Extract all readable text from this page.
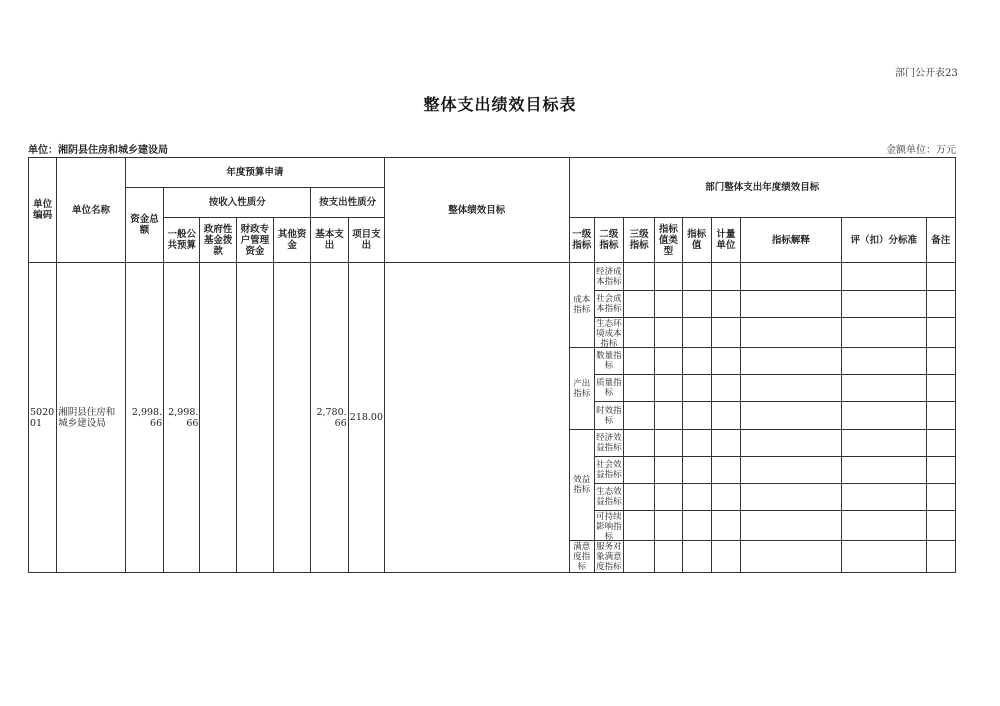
部门公开表23
整体支出绩效目标表
单位：湘阴县住房和城乡建设局	金额单位：万元
单位编码	单位名称	年度预算申请							整体绩效目标	部门整体支出年度绩效目标								
		资金总额	按收入性质分				按支出性质分											
			一般公共预算	政府性基金拨款	财政专户管理资金	其他资金	基本支出	项目支出		一级指标	二级指标	三级指标	指标值类型	指标值	计量单位	指标解释	评（扣）分标准	备注
502001	湘阴县住房和城乡建设局	2,998.66	2,998.66				2,780.66	218.00		成本指标	经济成本指标							
											社会成本指标							

											生态环境成本指标							

										产出指标	数量指标							
											质量指标							
											时效指标							
										效益指标	经济效益指标							
											社会效益指标							
											生态效益指标							

											可持续影响指标							

										满意度指标	服务对象满意度指标							
